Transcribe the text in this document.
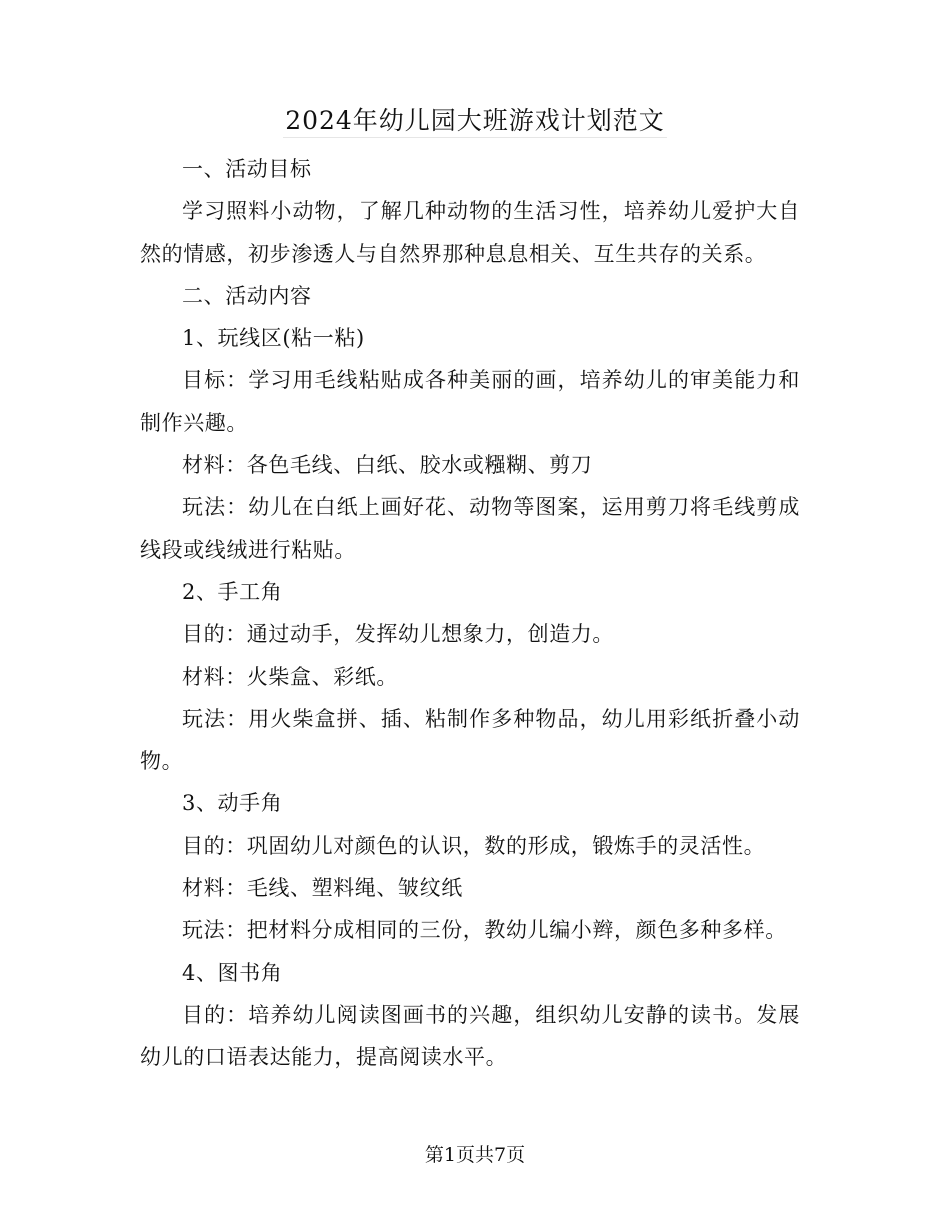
2024年幼儿园大班游戏计划范文

一、活动目标

学习照料小动物，了解几种动物的生活习性，培养幼儿爱护大自然的情感，初步渗透人与自然界那种息息相关、互生共存的关系。

二、活动内容

1、玩线区(粘一粘)

目标：学习用毛线粘贴成各种美丽的画，培养幼儿的审美能力和制作兴趣。

材料：各色毛线、白纸、胶水或糨糊、剪刀

玩法：幼儿在白纸上画好花、动物等图案，运用剪刀将毛线剪成线段或线绒进行粘贴。

2、手工角

目的：通过动手，发挥幼儿想象力，创造力。

材料：火柴盒、彩纸。

玩法：用火柴盒拼、插、粘制作多种物品，幼儿用彩纸折叠小动物。

3、动手角

目的：巩固幼儿对颜色的认识，数的形成，锻炼手的灵活性。

材料：毛线、塑料绳、皱纹纸

玩法：把材料分成相同的三份，教幼儿编小辫，颜色多种多样。

4、图书角

目的：培养幼儿阅读图画书的兴趣，组织幼儿安静的读书。发展幼儿的口语表达能力，提高阅读水平。

第1页共7页
